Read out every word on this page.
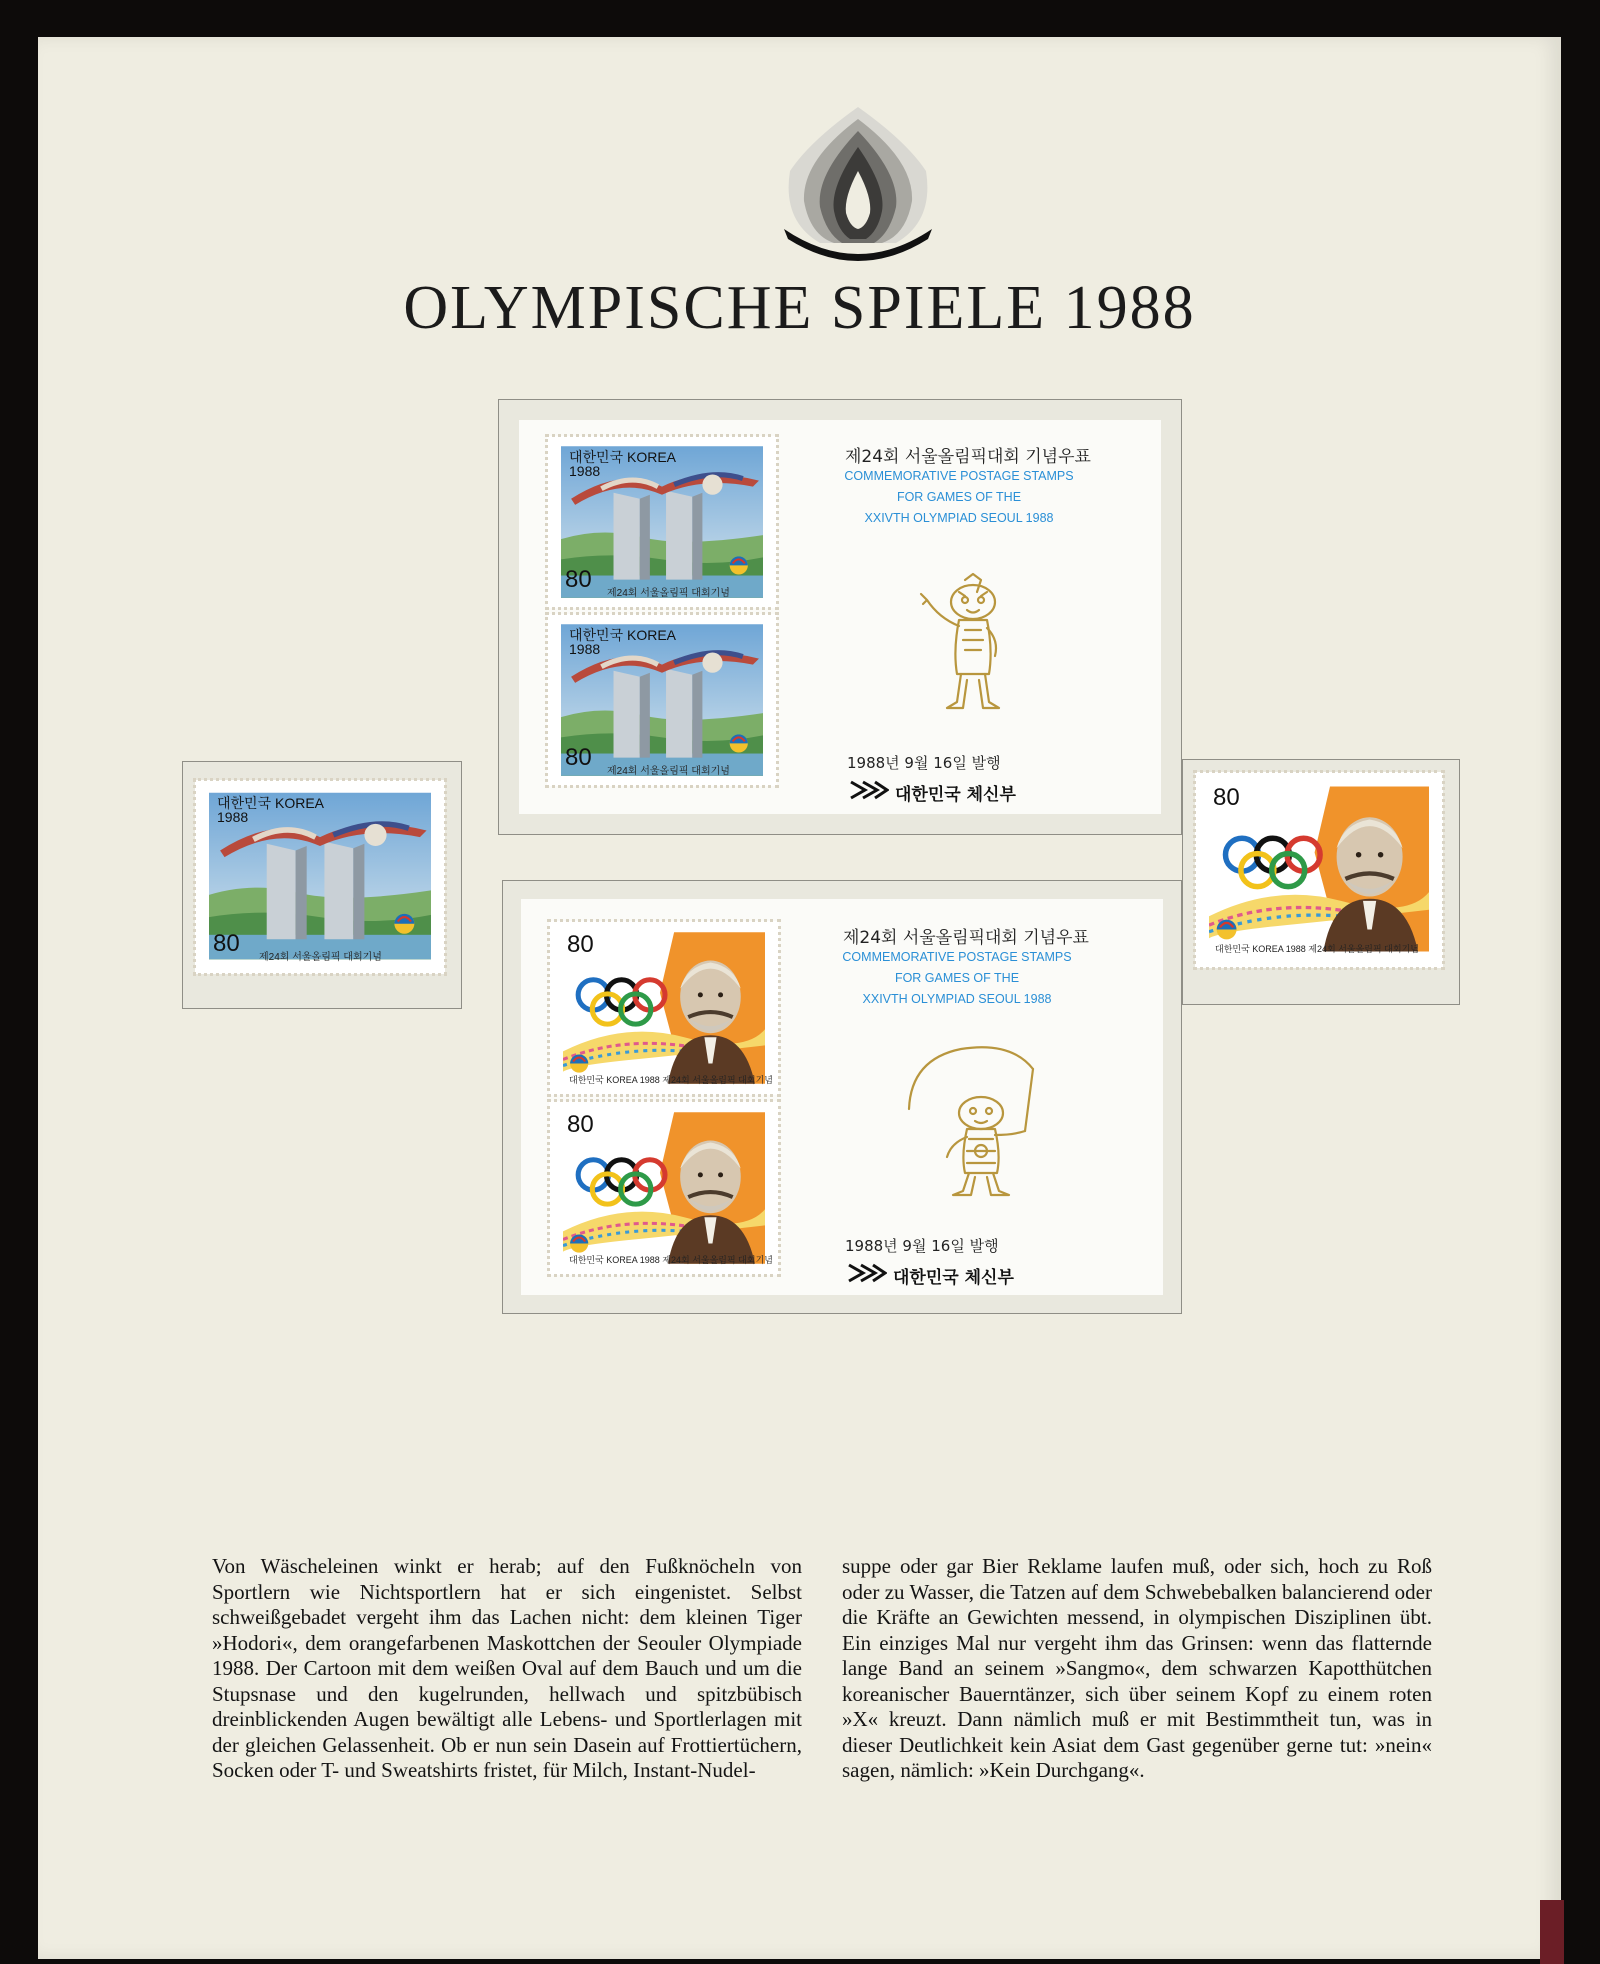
OLYMPISCHE SPIELE 1988
대한민국 KOREA
1988
80
제24회 서울올림픽 대회기념
대한민국 KOREA
1988
80
제24회 서울올림픽 대회기념
제24회 서울올림픽대회 기념우표
COMMEMORATIVE POSTAGE STAMPS
FOR GAMES OF THE
XXIVTH OLYMPIAD SEOUL 1988
1988년 9월 16일 발행
대한민국 체신부
대한민국 KOREA
1988
80
제24회 서울올림픽 대회기념
80
대한민국 KOREA 1988 제24회 서울올림픽 대회기념
80
대한민국 KOREA 1988 제24회 서울올림픽 대회기념
80
대한민국 KOREA 1988 제24회 서울올림픽 대회기념
제24회 서울올림픽대회 기념우표
COMMEMORATIVE POSTAGE STAMPS
FOR GAMES OF THE
XXIVTH OLYMPIAD SEOUL 1988
1988년 9월 16일 발행
대한민국 체신부
Von Wäscheleinen winkt er herab; auf den Fußknöcheln von Sportlern wie Nichtsportlern hat er sich eingenistet. Selbst schweißgebadet vergeht ihm das Lachen nicht: dem kleinen Tiger »Hodori«, dem orangefarbenen Maskottchen der Seouler Olympiade 1988. Der Cartoon mit dem weißen Oval auf dem Bauch und um die Stupsnase und den kugelrunden, hellwach und spitzbübisch dreinblickenden Augen bewältigt alle Lebens- und Sportlerlagen mit der gleichen Gelassenheit. Ob er nun sein Dasein auf Frottiertüchern, Socken oder T- und Sweatshirts fristet, für Milch, Instant-Nudel-
suppe oder gar Bier Reklame laufen muß, oder sich, hoch zu Roß oder zu Wasser, die Tatzen auf dem Schwebebalken balancierend oder die Kräfte an Gewichten messend, in olympischen Disziplinen übt. Ein einziges Mal nur vergeht ihm das Grinsen: wenn das flatternde lange Band an seinem »Sangmo«, dem schwarzen Kapotthütchen koreanischer Bauerntänzer, sich über seinem Kopf zu einem roten »X« kreuzt. Dann nämlich muß er mit Bestimmtheit tun, was in dieser Deutlichkeit kein Asiat dem Gast gegenüber gerne tut: »nein« sagen, nämlich: »Kein Durchgang«.
